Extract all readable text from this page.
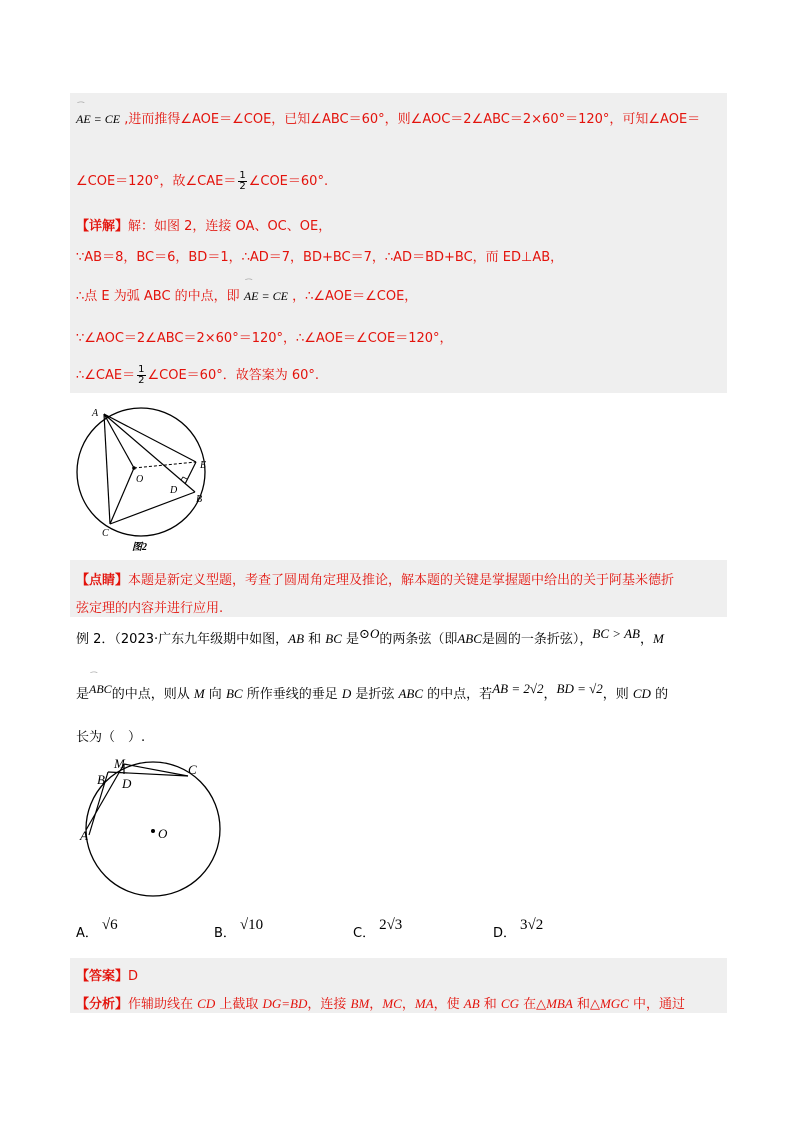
⁀
AE = CE ,进而推得∠AOE＝∠COE，已知∠ABC＝60°，则∠AOC＝2∠ABC＝2×60°＝120°，可知∠AOE＝
∠COE＝120°，故∠CAE＝ $\frac{1}{2}$ ∠COE＝60°.
【详解】解：如图 2，连接 OA、OC、OE，
∵AB＝8，BC＝6，BD＝1，∴AD＝7，BD+BC＝7，∴AD＝BD+BC，而 ED⊥AB，
∴点 E 为弧 ABC 的中点，即
⁀
AE = CE ，∴∠AOE＝∠COE，
∵∠AOC＝2∠ABC＝2×60°＝120°，∴∠AOE＝∠COE＝120°，
∴∠CAE＝ $\frac{1}{2}$ ∠COE＝60°．故答案为 60°.
A
O
E
D
B
C
图2
【点睛】本题是新定义型题，考查了圆周角定理及推论，解本题的关键是掌握题中给出的关于阿基米德折
弦定理的内容并进行应用.
例 2．（2023·广东九年级期中如图，AB 和 BC 是⊙O的两条弦（即ABC是圆的一条折弦），BC > AB，M
是
⁀
ABC的中点，则从 M 向 BC 所作垂线的垂足 D 是折弦 ABC 的中点，若AB = 2√2，BD = √2，则 CD 的
长为（　）.
M	C
B D
A	O
A．√6
B．√10
C．2√3
D．3√2
【答案】D
【分析】作辅助线在 CD 上截取 DG=BD，连接 BM，MC，MA，使 AB 和 CG 在△MBA 和△MGC 中，通过
